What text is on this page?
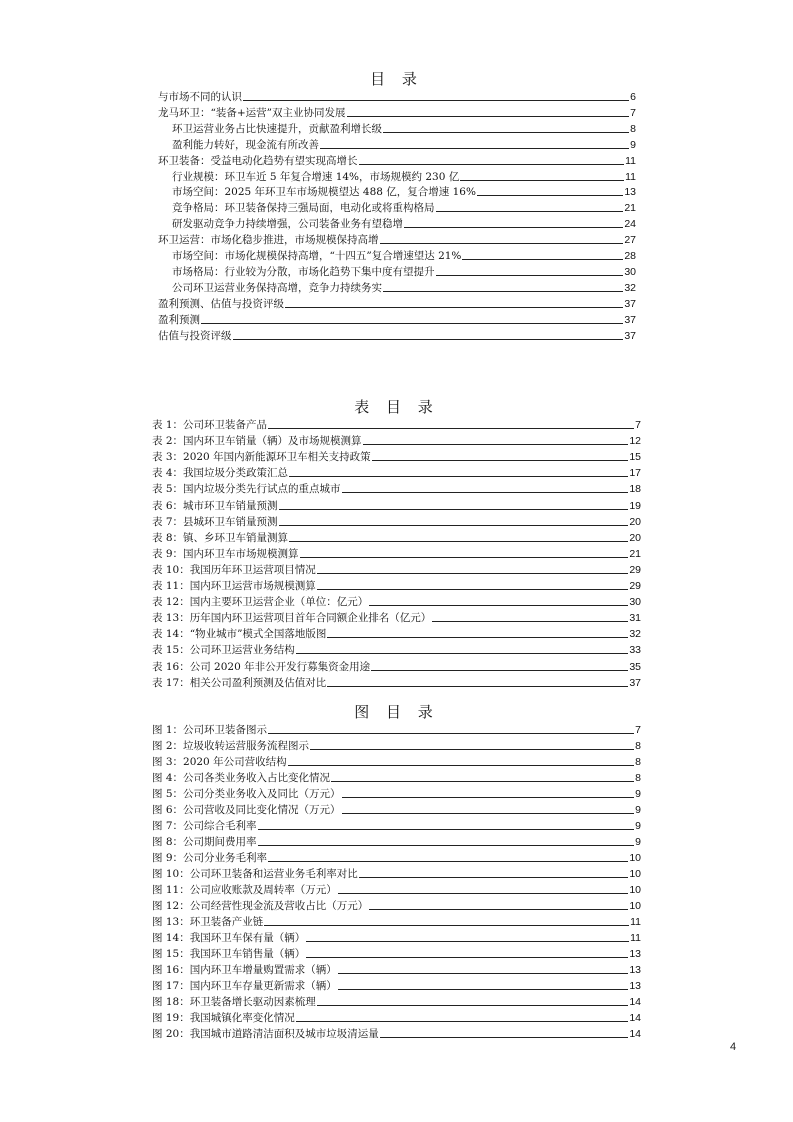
目 录
与市场不同的认识	6
龙马环卫：“装备+运营”双主业协同发展	7
环卫运营业务占比快速提升，贡献盈利增长级	8
盈利能力转好，现金流有所改善	9
环卫装备：受益电动化趋势有望实现高增长	11
行业规模：环卫车近 5 年复合增速 14%，市场规模约 230 亿	11
市场空间：2025 年环卫车市场规模望达 488 亿，复合增速 16%	13
竞争格局：环卫装备保持三强局面，电动化或将重构格局	21
研发驱动竞争力持续增强，公司装备业务有望稳增	24
环卫运营：市场化稳步推进，市场规模保持高增	27
市场空间：市场化规模保持高增，“十四五”复合增速望达 21%	28
市场格局：行业较为分散，市场化趋势下集中度有望提升	30
公司环卫运营业务保持高增，竞争力持续务实	32
盈利预测、估值与投资评级	37
盈利预测	37
估值与投资评级	37
表 目 录
表 1：公司环卫装备产品	7
表 2：国内环卫车销量（辆）及市场规模测算	12
表 3：2020 年国内新能源环卫车相关支持政策	15
表 4：我国垃圾分类政策汇总	17
表 5：国内垃圾分类先行试点的重点城市	18
表 6：城市环卫车销量预测	19
表 7：县城环卫车销量预测	20
表 8：镇、乡环卫车销量测算	20
表 9：国内环卫车市场规模测算	21
表 10：我国历年环卫运营项目情况	29
表 11：国内环卫运营市场规模测算	29
表 12：国内主要环卫运营企业（单位：亿元）	30
表 13：历年国内环卫运营项目首年合同额企业排名（亿元）	31
表 14：“物业城市”模式全国落地版图	32
表 15：公司环卫运营业务结构	33
表 16：公司 2020 年非公开发行募集资金用途	35
表 17：相关公司盈利预测及估值对比	37
图 目 录
图 1：公司环卫装备图示	7
图 2：垃圾收转运营服务流程图示	8
图 3：2020 年公司营收结构	8
图 4：公司各类业务收入占比变化情况	8
图 5：公司分类业务收入及同比（万元）	9
图 6：公司营收及同比变化情况（万元）	9
图 7：公司综合毛利率	9
图 8：公司期间费用率	9
图 9：公司分业务毛利率	10
图 10：公司环卫装备和运营业务毛利率对比	10
图 11：公司应收账款及周转率（万元）	10
图 12：公司经营性现金流及营收占比（万元）	10
图 13：环卫装备产业链	11
图 14：我国环卫车保有量（辆）	11
图 15：我国环卫车销售量（辆）	13
图 16：国内环卫车增量购置需求（辆）	13
图 17：国内环卫车存量更新需求（辆）	13
图 18：环卫装备增长驱动因素梳理	14
图 19：我国城镇化率变化情况	14
图 20：我国城市道路清洁面积及城市垃圾清运量	14
4
